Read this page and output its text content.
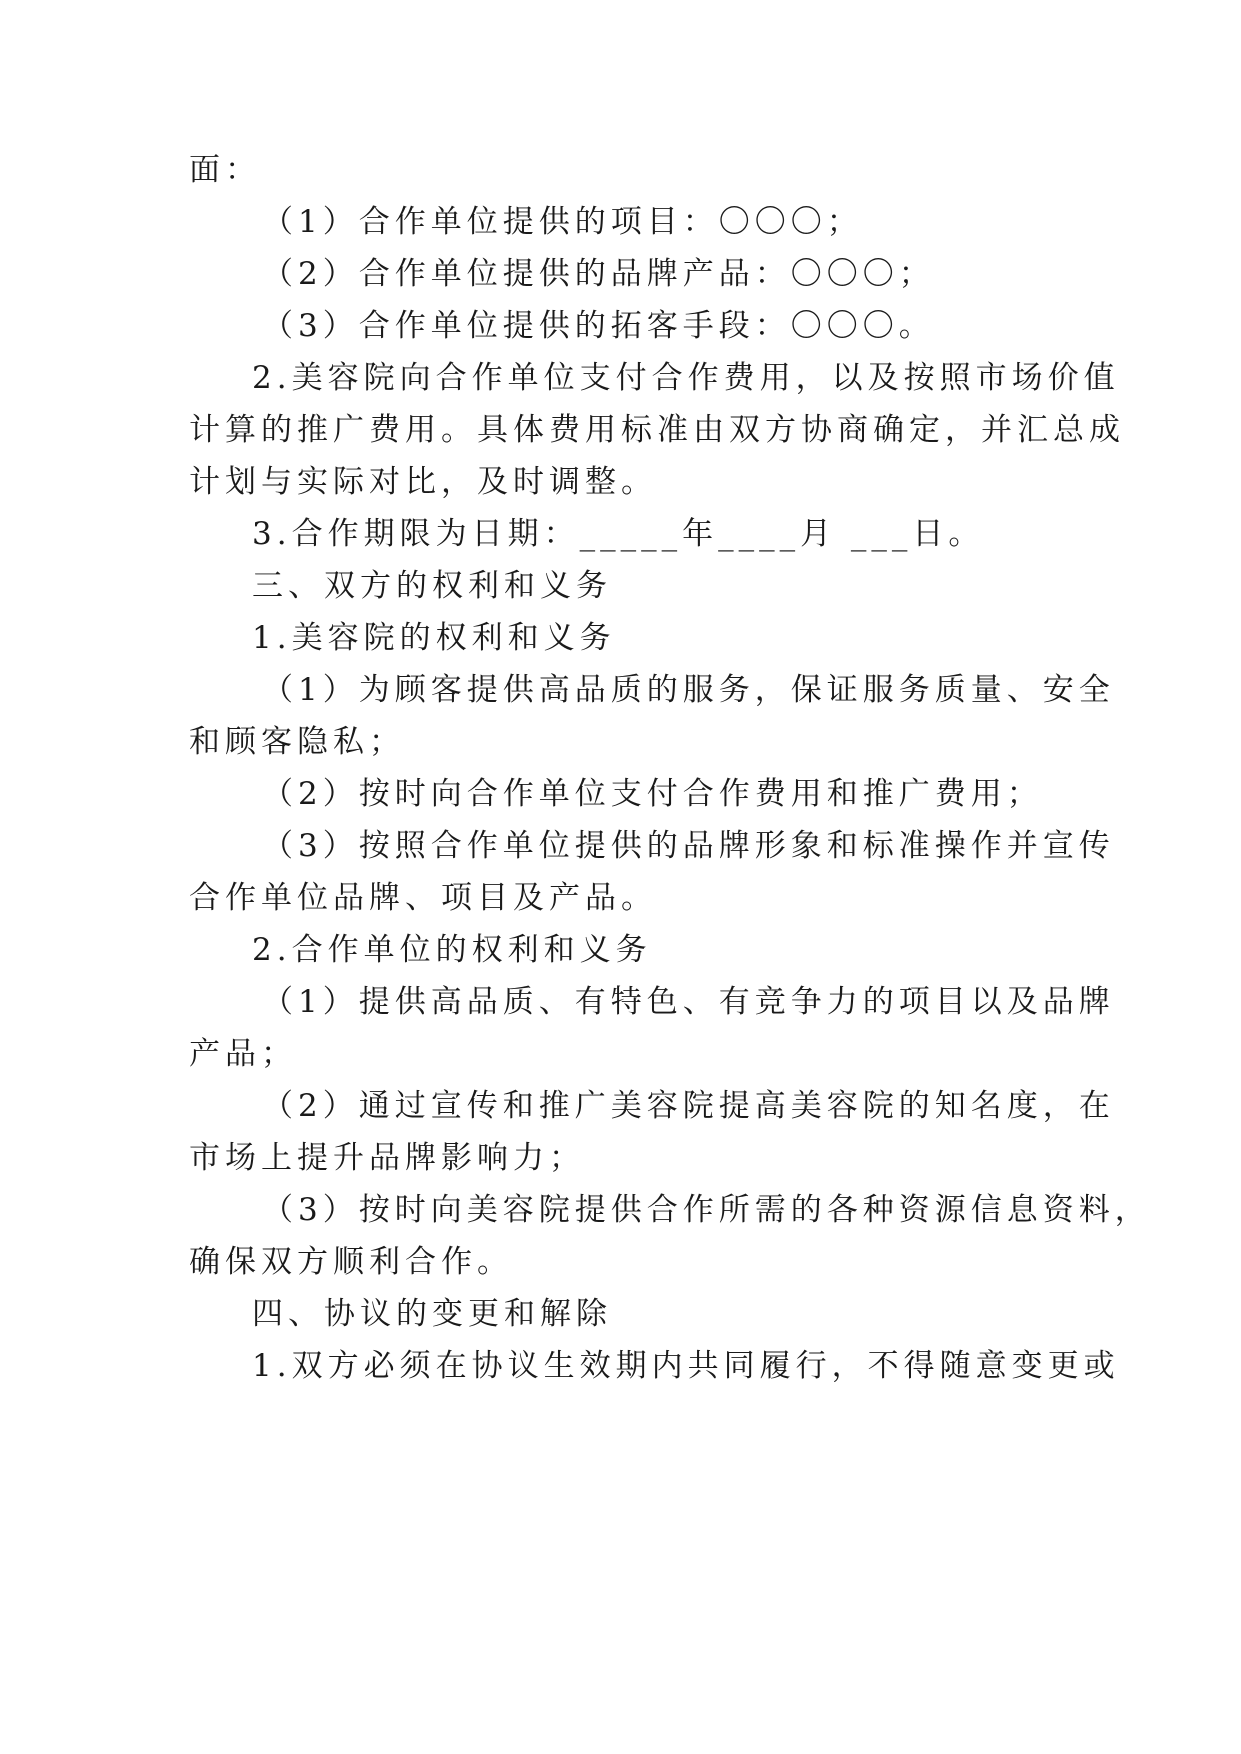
面：
（1）合作单位提供的项目：〇〇〇；
（2）合作单位提供的品牌产品：〇〇〇；
（3）合作单位提供的拓客手段：〇〇〇。
2.美容院向合作单位支付合作费用，以及按照市场价值
计算的推广费用。具体费用标准由双方协商确定，并汇总成
计划与实际对比，及时调整。
3.合作期限为日期：_____年____月 ___日。
三、双方的权利和义务
1.美容院的权利和义务
（1）为顾客提供高品质的服务，保证服务质量、安全
和顾客隐私；
（2）按时向合作单位支付合作费用和推广费用；
（3）按照合作单位提供的品牌形象和标准操作并宣传
合作单位品牌、项目及产品。
2.合作单位的权利和义务
（1）提供高品质、有特色、有竞争力的项目以及品牌
产品；
（2）通过宣传和推广美容院提高美容院的知名度，在
市场上提升品牌影响力；
（3）按时向美容院提供合作所需的各种资源信息资料，
确保双方顺利合作。
四、协议的变更和解除
1.双方必须在协议生效期内共同履行，不得随意变更或
